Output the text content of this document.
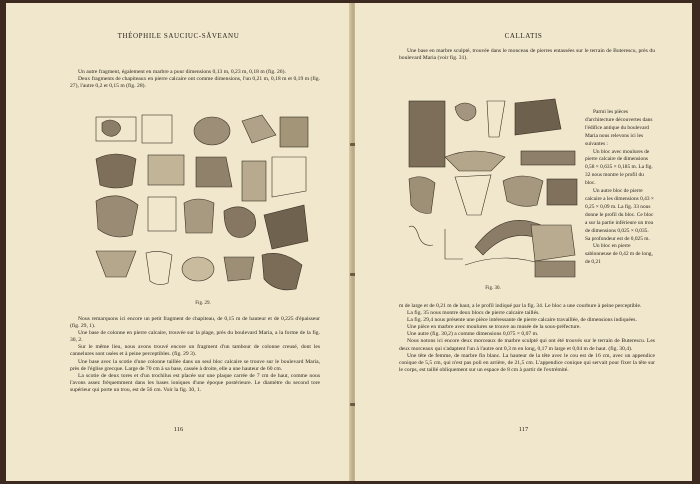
THÉOPHILE SAUCIUC-SĂVEANU

Un autre fragment, également en marbre a pour dimensions 0,13 m, 0,23 m, 0,18 m (fig. 26).

Deux fragments de chapiteaux en pierre calcaire ont comme dimensions, l'un 0,21 m, 0,18 m et 0,19 m (fig. 27), l'autre 0,2 et 0,15 m (fig. 28).

Fig. 29.

Nous remarquons ici encore un petit fragment de chapiteau, de 0,15 m de hauteur et de 0,225 d'épaisseur (fig. 29, 1).

Une base de colonne en pierre calcaire, trouvée sur la plage, près du boulevard Maria, a la forme de la fig. 30, 2.

Sur le même lieu, nous avons trouvé encore un fragment d'un tambour de colonne creusé, dont les cannelures sont usées et à peine perceptibles. (fig. 29 3).

Une base avec la scotie d'une colonne taillée dans un seul bloc calcaire se trouve sur le boulevard Maria, près de l'église grecque. Large de 70 cm à sa base, cassée à droite, elle a une hauteur de 60 cm.

La scotie de deux tores et d'un trochilus est placée sur une plaque carrée de 7 cm de haut, comme nous l'avons assez fréquemment dans les bases ioniques d'une époque postérieure. Le diamètre du second tore supérieur qui porte un trou, est de 56 cm. Voir la fig. 30, 1.

116
CALLATIS

Une base en marbre sculpté, trouvée dans le monceau de pierres entassées sur le terrain de Buterescu, près du boulevard Maria (voir fig. 31).

Fig. 30.

Parmi les pièces d'architecture découvertes dans l'édifice antique du boulevard Maria nous relevons ici les suivantes :

Un bloc avec moulures de pierre calcaire de dimensions 0,58 × 0,635 × 0,185 m. La fig. 32 nous montre le profil du bloc.

Un autre bloc de pierre calcaire a les dimensions 0,43 × 0,25 × 0,09 m. La fig. 33 nous donne le profil du bloc. Ce bloc a sur la partie inférieure un trou de dimensions 0,025 × 0,035. Sa profondeur est de 0,025 m.

Un bloc en pierre sablonneuse de 0,42 m de long, de 0,21

m de large et de 0,21 m de haut, a le profil indiqué par la fig. 34. Le bloc a une courbure à peine perceptible.

La fig. 35 nous montre deux blocs de pierre calcaire taillés.

La fig. 29,4 nous présente une pièce intéressante de pierre calcaire travaillée, de dimensions indiquées.

Une pièce en marbre avec moulures se trouve au musée de la sous-préfecture.

Une autre (fig. 30,2) a comme dimensions 0,075 × 0,07 m.

Nous notons ici encore deux morceaux de marbre sculpté qui ont été trouvés sur le terrain de Buterescu. Les deux morceaux qui s'adaptent l'un à l'autre ont 0,3 m en long, 0,17 m large et 0,04 m de haut. (fig. 30,4).

Une tête de femme, de marbre fin blanc. La hauteur de la tête avec le cou est de 16 cm, avec un appendice conique de 5,5 cm, qui n'est pas poli en arrière, de 21,5 cm. L'appendice conique qui servait pour fixer la tête sur le corps, est taillé obliquement sur un espace de 8 cm à partir de l'extrémité.

117
